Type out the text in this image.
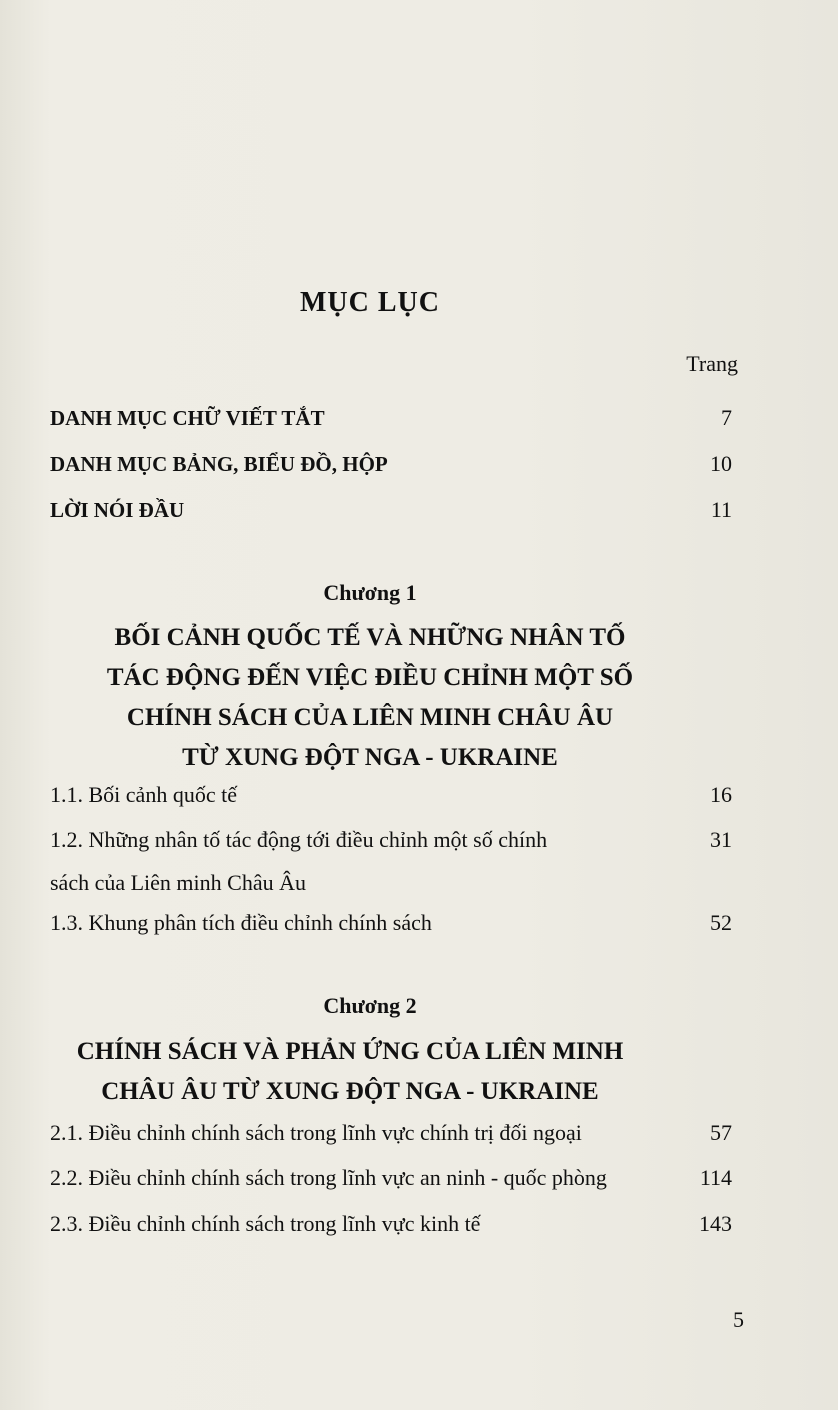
MỤC LỤC
Trang
DANH MỤC CHỮ VIẾT TẮT	7
DANH MỤC BẢNG, BIỂU ĐỒ, HỘP	10
LỜI NÓI ĐẦU	11
Chương 1
BỐI CẢNH QUỐC TẾ VÀ NHỮNG NHÂN TỐ
TÁC ĐỘNG ĐẾN VIỆC ĐIỀU CHỈNH MỘT SỐ
CHÍNH SÁCH CỦA LIÊN MINH CHÂU ÂU
TỪ XUNG ĐỘT NGA - UKRAINE
1.1. Bối cảnh quốc tế	16
1.2. Những nhân tố tác động tới điều chỉnh một số chính	31
sách của Liên minh Châu Âu
1.3. Khung phân tích điều chỉnh chính sách	52
Chương 2
CHÍNH SÁCH VÀ PHẢN ỨNG CỦA LIÊN MINH
CHÂU ÂU TỪ XUNG ĐỘT NGA - UKRAINE
2.1. Điều chỉnh chính sách trong lĩnh vực chính trị đối ngoại	57
2.2. Điều chỉnh chính sách trong lĩnh vực an ninh - quốc phòng	114
2.3. Điều chỉnh chính sách trong lĩnh vực kinh tế	143
5
